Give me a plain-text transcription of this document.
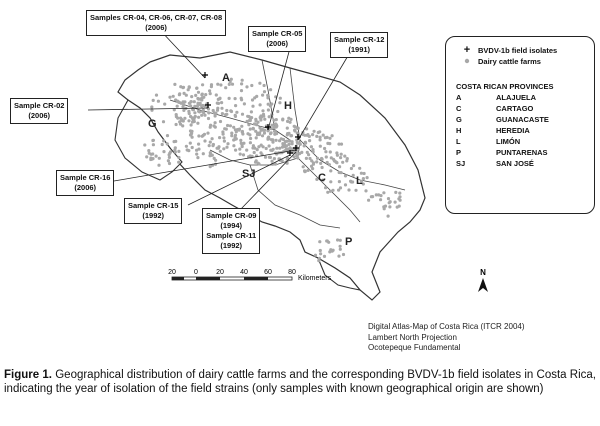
N
A
G
H
SJ	C	L
P
Samples CR-04, CR-06, CR-07, CR-08
(2006)
Sample CR-05
(2006)	Sample CR-12
(1991)
Sample CR-02
(2006)
Sample CR-16
(2006)
Sample CR-15
(1992)	Sample CR-09
(1994)
Sample CR-11
(1992)
+	BVDV-1b field isolates
Dairy cattle farms
COSTA RICAN PROVINCES
A	ALAJUELA
C	CARTAGO
G	GUANACASTE
H	HEREDIA
L	LIMÓN
P	PUNTARENAS
SJ	SAN JOSÉ
20	0	20 40 60 80
Kilometers
Digital Atlas-Map of Costa Rica (ITCR 2004)
Lambert North Projection
Ocotepeque Fundamental
Figure 1. Geographical distribution of dairy cattle farms and the corresponding BVDV-1b field isolates in Costa Rica, indicating the year of isolation of the field strains (only samples with known geographical origin are shown)
